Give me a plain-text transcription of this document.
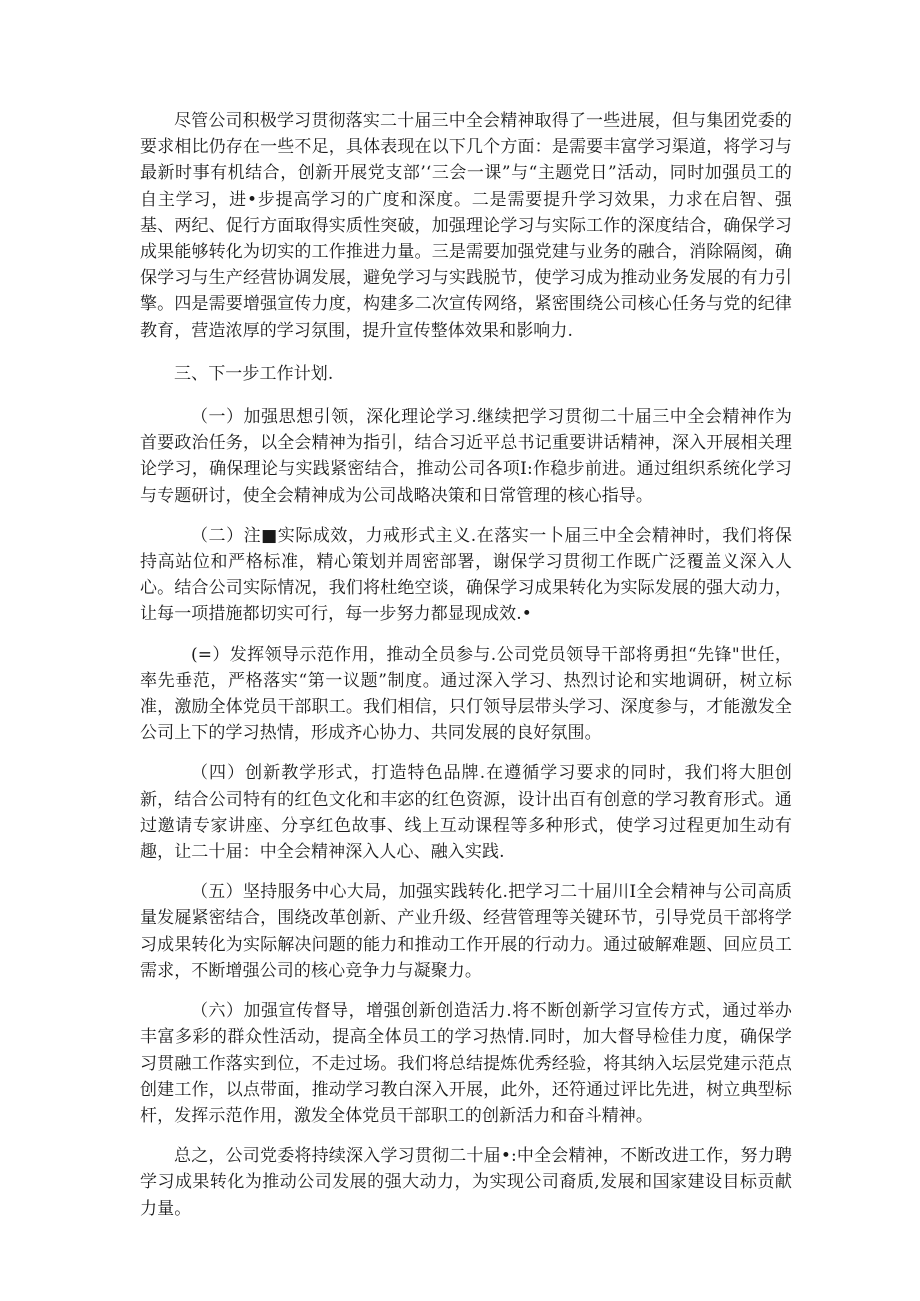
尽管公司积极学习贯彻落实二十届三中全会精神取得了一些进展，但与集团党委的要求相比仍存在一些不足，具体表现在以下几个方面：是需要丰富学习渠道，将学习与最新时事有机结合，创新开展党支部’‘三会一课”与“主题党日”活动，同时加强员工的自主学习，进•步提高学习的广度和深度。二是需要提升学习效果，力求在启智、强基、两纪、促行方面取得实质性突破，加强理论学习与实际工作的深度结合，确保学习成果能够转化为切实的工作推进力量。三是需要加强党建与业务的融合，消除隔阂，确保学习与生产经营协调发展，避免学习与实践脱节，使学习成为推动业务发展的有力引擎。四是需要增强宣传力度，构建多二次宣传网络，紧密围绕公司核心任务与党的纪律教育，营造浓厚的学习氛围，提升宣传整体效果和影响力.

三、下一步工作计划.

（一）加强思想引领，深化理论学习.继续把学习贯彻二十届三中全会精神作为首要政治任务，以全会精神为指引，结合习近平总书记重要讲话精神，深入开展相关理论学习，确保理论与实践紧密结合，推动公司各项I:作稳步前进。通过组织系统化学习与专题研讨，使全会精神成为公司战略决策和日常管理的核心指导。

（二）注■实际成效，力戒形式主义.在落实一卜届三中全会精神时，我们将保持高站位和严格标准，精心策划并周密部署，谢保学习贯彻工作既广泛覆盖义深入人心。结合公司实际情况，我们将杜绝空谈，确保学习成果转化为实际发展的强大动力，让每一项措施都切实可行，每一步努力都显现成效.•

(=）发挥领导示范作用，推动全员参与.公司党员领导干部将勇担“先锋"世任，率先垂范，严格落实“第一议题”制度。通过深入学习、热烈讨论和实地调研，树立标准，激励全体党员干部职工。我们相信，只仃领导层带头学习、深度参与，才能激发全公司上下的学习热情，形成齐心协力、共同发展的良好氛围。

（四）创新教学形式，打造特色品牌.在遵循学习要求的同时，我们将大胆创新，结合公司特有的红色文化和丰宓的红色资源，设计出百有创意的学习教育形式。通过邀请专家讲座、分享红色故事、线上互动课程等多种形式，使学习过程更加生动有趣，让二十届：中全会精神深入人心、融入实践.

（五）坚持服务中心大局，加强实践转化.把学习二十届川I全会精神与公司高质量发屣紧密结合，围绕改革创新、产业升级、经营管理等关键环节，引导党员干部将学习成果转化为实际解决问题的能力和推动工作开展的行动力。通过破解难题、回应员工需求，不断增强公司的核心竞争力与凝聚力。

（六）加强宣传督导，增强创新创造活力.将不断创新学习宣传方式，通过举办丰富多彩的群众性活动，提高全体员工的学习热情.同时，加大督导检佳力度，确保学习贯融工作落实到位，不走过场。我们将总结提炼优秀经验，将其纳入坛层党建示范点创建工作，以点带面，推动学习教白深入开展，此外，还符通过评比先进，树立典型标杆，发挥示范作用，激发全体党员干部职工的创新活力和奋斗精神。

总之，公司党委将持续深入学习贯彻二十届•:中全会精神，不断改进工作，努力聘学习成果转化为推动公司发展的强大动力，为实现公司裔质,发展和国家建设目标贡献力量。
